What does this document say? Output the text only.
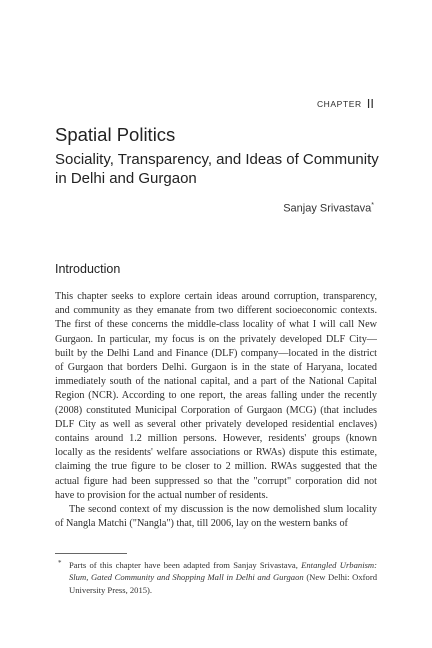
CHAPTER II
Spatial Politics
Sociality, Transparency, and Ideas of Community in Delhi and Gurgaon
Sanjay Srivastava*
Introduction

This chapter seeks to explore certain ideas around corruption, transparency, and community as they emanate from two different socioeconomic contexts. The first of these concerns the middle-class locality of what I will call New Gurgaon. In particular, my focus is on the privately developed DLF City—built by the Delhi Land and Finance (DLF) company—located in the district of Gurgaon that borders Delhi. Gurgaon is in the state of Haryana, located immediately south of the national capital, and a part of the National Capital Region (NCR). According to one report, the areas falling under the recently (2008) constituted Municipal Corporation of Gurgaon (MCG) (that includes DLF City as well as several other privately developed residential enclaves) contains around 1.2 million persons. However, residents' groups (known locally as the residents' welfare associations or RWAs) dispute this estimate, claiming the true figure to be closer to 2 million. RWAs suggested that the actual figure had been suppressed so that the "corrupt" corporation did not have to provision for the actual number of residents.

The second context of my discussion is the now demolished slum locality of Nangla Matchi ("Nangla") that, till 2006, lay on the western banks of

* Parts of this chapter have been adapted from Sanjay Srivastava, Entangled Urbanism: Slum, Gated Community and Shopping Mall in Delhi and Gurgaon (New Delhi: Oxford University Press, 2015).
